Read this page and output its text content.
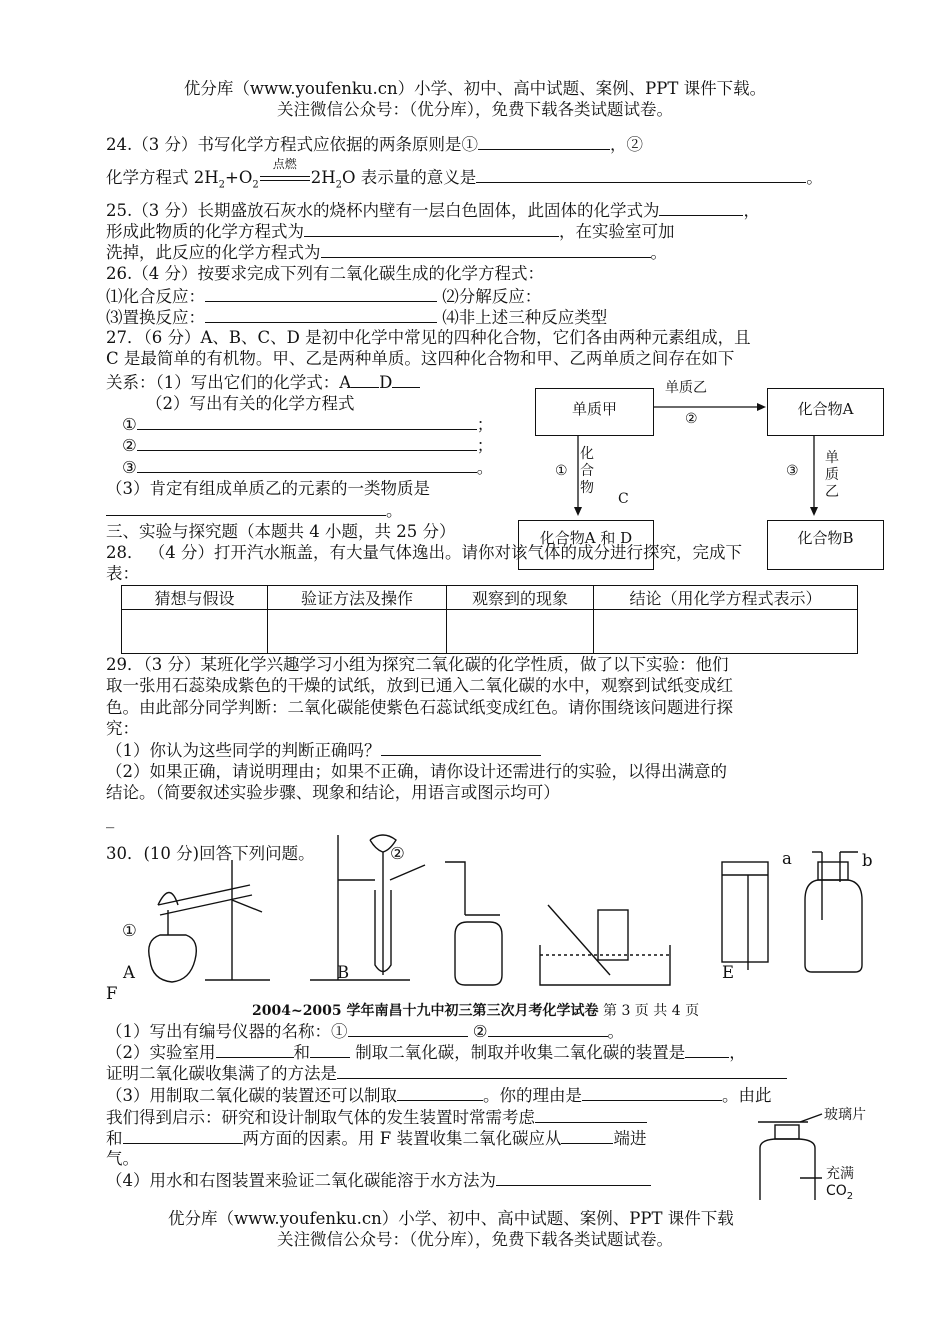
优分库（www.youfenku.cn）小学、初中、高中试题、案例、PPT 课件下载。
关注微信公众号：（优分库），免费下载各类试题试卷。
24.（3 分）书写化学方程式应依据的两条原则是①	，②
化学方程式 $2H_2+O_2$
点燃
$2H_2O$ 表示量的意义是	。
25.（3 分）长期盛放石灰水的烧杯内壁有一层白色固体，此固体的化学式为	，
形成此物质的化学方程式为	，在实验室可加
洗掉，此反应的化学方程式为	。
26.（4 分）按要求完成下列有二氧化碳生成的化学方程式：
⑴化合反应：	⑵分解反应：
⑶置换反应：	⑷非上述三种反应类型
27．（6 分）A、B、C、D 是初中化学中常见的四种化合物，它们各由两种元素组成，且
C 是最简单的有机物。甲、乙是两种单质。这四种化合物和甲、乙两单质之间存在如下
关系：（1）写出它们的化学式：A D
（2）写出有关的化学方程式
①	；
②	；
③	。
（3）肯定有组成单质乙的元素的一类物质是
。
单质甲	化合物A
化合物A 和 D	化合物B
单质乙
②
①	③
化合物
C
单质乙
三、实验与探究题（本题共 4 小题，共 25 分）
28． （4 分）打开汽水瓶盖，有大量气体逸出。请你对该气体的成分进行探究，完成下
表：
猜想与假设	验证方法及操作	观察到的现象	结论（用化学方程式表示）

29．（3 分）某班化学兴趣学习小组为探究二氧化碳的化学性质，做了以下实验：他们
取一张用石蕊染成紫色的干燥的试纸，放到已通入二氧化碳的水中，观察到试纸变成红
色。由此部分同学判断：二氧化碳能使紫色石蕊试纸变成红色。请你围绕该问题进行探
究：
（1）你认为这些同学的判断正确吗？
（2）如果正确，请说明理由；如果不正确，请你设计还需进行的实验，以得出满意的
结论。（简要叙述实验步骤、现象和结论，用语言或图示均可）
_
30．(10 分)回答下列问题。
①
②
A	B	E
F
a	b
2004~2005 学年南昌十九中初三第三次月考化学试卷 第 3 页 共 4 页
（1）写出有编号仪器的名称：①	②	。
（2）实验室用	和	制取二氧化碳，制取并收集二氧化碳的装置是	，
证明二氧化碳收集满了的方法是
（3）用制取二氧化碳的装置还可以制取	。你的理由是	。由此
我们得到启示：研究和设计制取气体的发生装置时常需考虑
和	两方面的因素。用 F 装置收集二氧化碳应从	端进
气。
（4）用水和右图装置来验证二氧化碳能溶于水方法为
玻璃片
充满
$CO_2$
优分库（www.youfenku.cn）小学、初中、高中试题、案例、PPT 课件下载
关注微信公众号：（优分库），免费下载各类试题试卷。
